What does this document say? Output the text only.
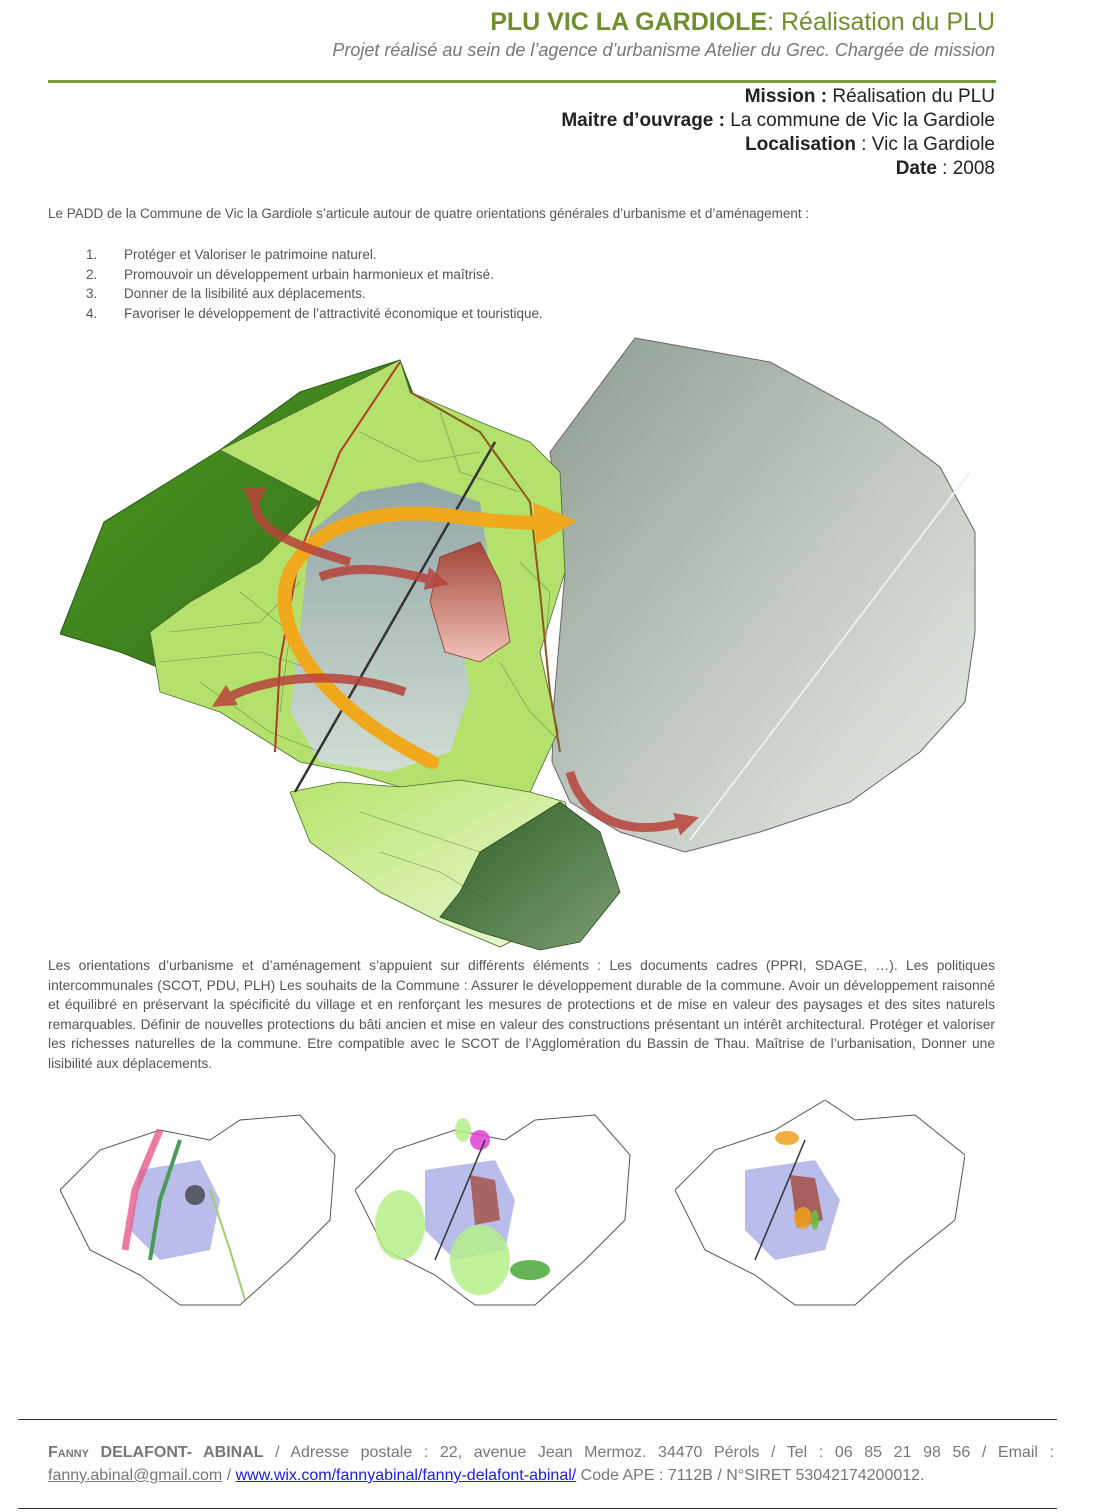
PLU VIC LA GARDIOLE: Réalisation du PLU
Projet réalisé au sein de l’agence d’urbanisme Atelier du Grec. Chargée de mission
Mission : Réalisation du PLU
Maitre d’ouvrage : La commune de Vic la Gardiole
Localisation : Vic la Gardiole
Date : 2008
Le PADD de la Commune de Vic la Gardiole s’articule autour de quatre orientations générales d’urbanisme et d’aménagement :
1. Protéger et Valoriser le patrimoine naturel.
2. Promouvoir un développement urbain harmonieux et maîtrisé.
3. Donner de la lisibilité aux déplacements.
4. Favoriser le développement de l’attractivité économique et touristique.
Les orientations d’urbanisme et d’aménagement s’appuient sur différents éléments : Les documents cadres (PPRI, SDAGE, …). Les politiques intercommunales (SCOT, PDU, PLH) Les souhaits de la Commune : Assurer le développement durable de la commune. Avoir un développement raisonné et équilibré en préservant la spécificité du village et en renforçant les mesures de protections et de mise en valeur des paysages et des sites naturels remarquables. Définir de nouvelles protections du bâti ancien et mise en valeur des constructions présentant un intérêt architectural. Protéger et valoriser les richesses naturelles de la commune. Etre compatible avec le SCOT de l’Agglomération du Bassin de Thau. Maîtrise de l’urbanisation, Donner une lisibilité aux déplacements.
Fanny DELAFONT- ABINAL / Adresse postale : 22, avenue Jean Mermoz. 34470 Pérols / Tel : 06 85 21 98 56 / Email :
fanny.abinal@gmail.com / www.wix.com/fannyabinal/fanny-delafont-abinal/ Code APE : 7112B / N°SIRET 53042174200012.
